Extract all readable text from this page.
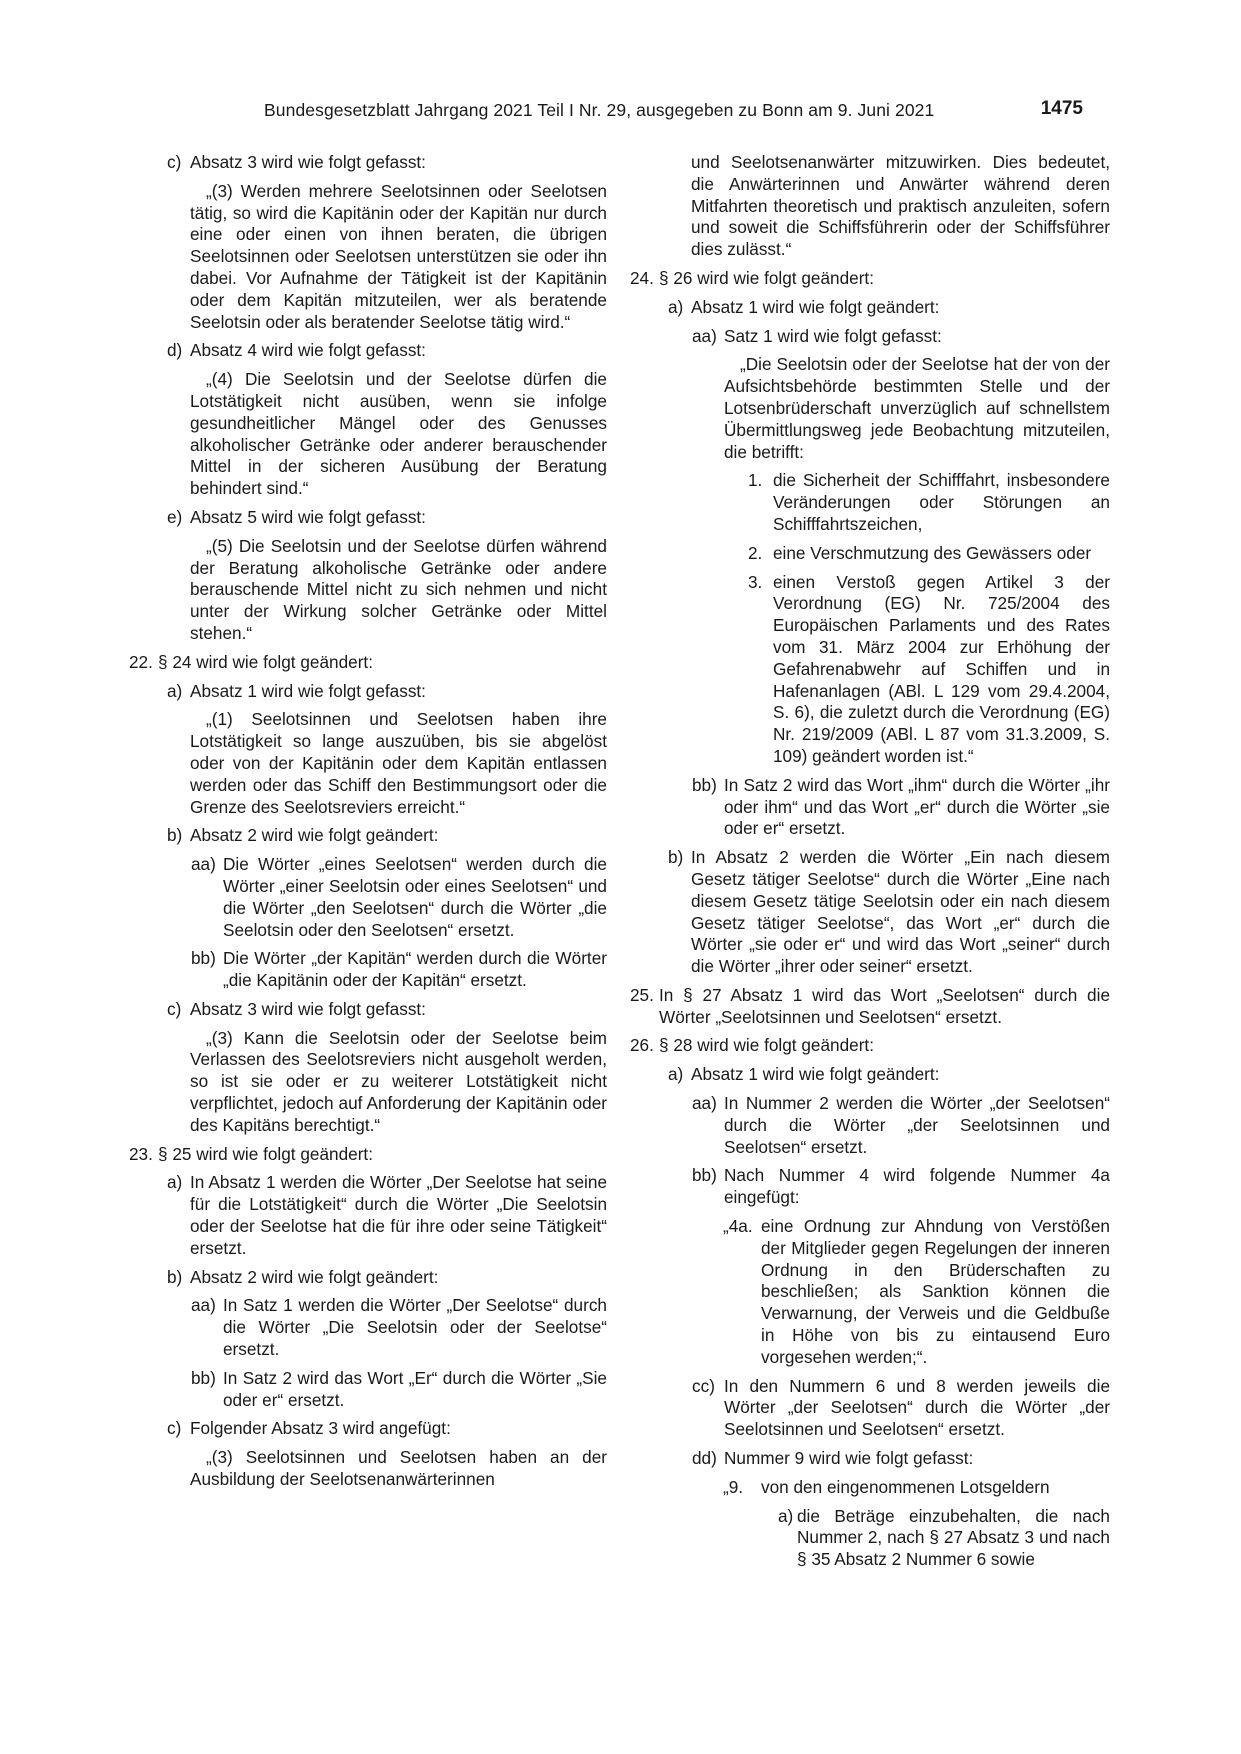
Bundesgesetzblatt Jahrgang 2021 Teil I Nr. 29, ausgegeben zu Bonn am 9. Juni 2021	1475
c) Absatz 3 wird wie folgt gefasst:
„(3) Werden mehrere Seelotsinnen oder Seelotsen tätig, so wird die Kapitänin oder der Kapitän nur durch eine oder einen von ihnen beraten, die übrigen Seelotsinnen oder Seelotsen unterstützen sie oder ihn dabei. Vor Aufnahme der Tätigkeit ist der Kapitänin oder dem Kapitän mitzuteilen, wer als beratende Seelotsin oder als beratender Seelotse tätig wird.“
d) Absatz 4 wird wie folgt gefasst:
„(4) Die Seelotsin und der Seelotse dürfen die Lotstätigkeit nicht ausüben, wenn sie infolge gesundheitlicher Mängel oder des Genusses alkoholischer Getränke oder anderer berauschender Mittel in der sicheren Ausübung der Beratung behindert sind.“
e) Absatz 5 wird wie folgt gefasst:
„(5) Die Seelotsin und der Seelotse dürfen während der Beratung alkoholische Getränke oder andere berauschende Mittel nicht zu sich nehmen und nicht unter der Wirkung solcher Getränke oder Mittel stehen.“
22. § 24 wird wie folgt geändert:
a) Absatz 1 wird wie folgt gefasst:
„(1) Seelotsinnen und Seelotsen haben ihre Lotstätigkeit so lange auszuüben, bis sie abgelöst oder von der Kapitänin oder dem Kapitän entlassen werden oder das Schiff den Bestimmungsort oder die Grenze des Seelotsreviers erreicht.“
b) Absatz 2 wird wie folgt geändert:
aa) Die Wörter „eines Seelotsen“ werden durch die Wörter „einer Seelotsin oder eines Seelotsen“ und die Wörter „den Seelotsen“ durch die Wörter „die Seelotsin oder den Seelotsen“ ersetzt.
bb) Die Wörter „der Kapitän“ werden durch die Wörter „die Kapitänin oder der Kapitän“ ersetzt.
c) Absatz 3 wird wie folgt gefasst:
„(3) Kann die Seelotsin oder der Seelotse beim Verlassen des Seelotsreviers nicht ausgeholt werden, so ist sie oder er zu weiterer Lotstätigkeit nicht verpflichtet, jedoch auf Anforderung der Kapitänin oder des Kapitäns berechtigt.“
23. § 25 wird wie folgt geändert:
a) In Absatz 1 werden die Wörter „Der Seelotse hat seine für die Lotstätigkeit“ durch die Wörter „Die Seelotsin oder der Seelotse hat die für ihre oder seine Tätigkeit“ ersetzt.
b) Absatz 2 wird wie folgt geändert:
aa) In Satz 1 werden die Wörter „Der Seelotse“ durch die Wörter „Die Seelotsin oder der Seelotse“ ersetzt.
bb) In Satz 2 wird das Wort „Er“ durch die Wörter „Sie oder er“ ersetzt.
c) Folgender Absatz 3 wird angefügt:
„(3) Seelotsinnen und Seelotsen haben an der Ausbildung der Seelotsenanwärterinnen
und Seelotsenanwärter mitzuwirken. Dies bedeutet, die Anwärterinnen und Anwärter während deren Mitfahrten theoretisch und praktisch anzuleiten, sofern und soweit die Schiffsführerin oder der Schiffsführer dies zulässt.“
24. § 26 wird wie folgt geändert:
a) Absatz 1 wird wie folgt geändert:
aa) Satz 1 wird wie folgt gefasst:
„Die Seelotsin oder der Seelotse hat der von der Aufsichtsbehörde bestimmten Stelle und der Lotsenbrüderschaft unverzüglich auf schnellstem Übermittlungsweg jede Beobachtung mitzuteilen, die betrifft:
1. die Sicherheit der Schifffahrt, insbesondere Veränderungen oder Störungen an Schifffahrtszeichen,
2. eine Verschmutzung des Gewässers oder
3. einen Verstoß gegen Artikel 3 der Verordnung (EG) Nr. 725/2004 des Europäischen Parlaments und des Rates vom 31. März 2004 zur Erhöhung der Gefahrenabwehr auf Schiffen und in Hafenanlagen (ABl. L 129 vom 29.4.2004, S. 6), die zuletzt durch die Verordnung (EG) Nr. 219/2009 (ABl. L 87 vom 31.3.2009, S. 109) geändert worden ist.“
bb) In Satz 2 wird das Wort „ihm“ durch die Wörter „ihr oder ihm“ und das Wort „er“ durch die Wörter „sie oder er“ ersetzt.
b) In Absatz 2 werden die Wörter „Ein nach diesem Gesetz tätiger Seelotse“ durch die Wörter „Eine nach diesem Gesetz tätige Seelotsin oder ein nach diesem Gesetz tätiger Seelotse“, das Wort „er“ durch die Wörter „sie oder er“ und wird das Wort „seiner“ durch die Wörter „ihrer oder seiner“ ersetzt.
25. In § 27 Absatz 1 wird das Wort „Seelotsen“ durch die Wörter „Seelotsinnen und Seelotsen“ ersetzt.
26. § 28 wird wie folgt geändert:
a) Absatz 1 wird wie folgt geändert:
aa) In Nummer 2 werden die Wörter „der Seelotsen“ durch die Wörter „der Seelotsinnen und Seelotsen“ ersetzt.
bb) Nach Nummer 4 wird folgende Nummer 4a eingefügt:
„4a. eine Ordnung zur Ahndung von Verstößen der Mitglieder gegen Regelungen der inneren Ordnung in den Brüderschaften zu beschließen; als Sanktion können die Verwarnung, der Verweis und die Geldbuße in Höhe von bis zu eintausend Euro vorgesehen werden;“.
cc) In den Nummern 6 und 8 werden jeweils die Wörter „der Seelotsen“ durch die Wörter „der Seelotsinnen und Seelotsen“ ersetzt.
dd) Nummer 9 wird wie folgt gefasst:
„9. von den eingenommenen Lotsgeldern
a) die Beträge einzubehalten, die nach Nummer 2, nach § 27 Absatz 3 und nach § 35 Absatz 2 Nummer 6 sowie
